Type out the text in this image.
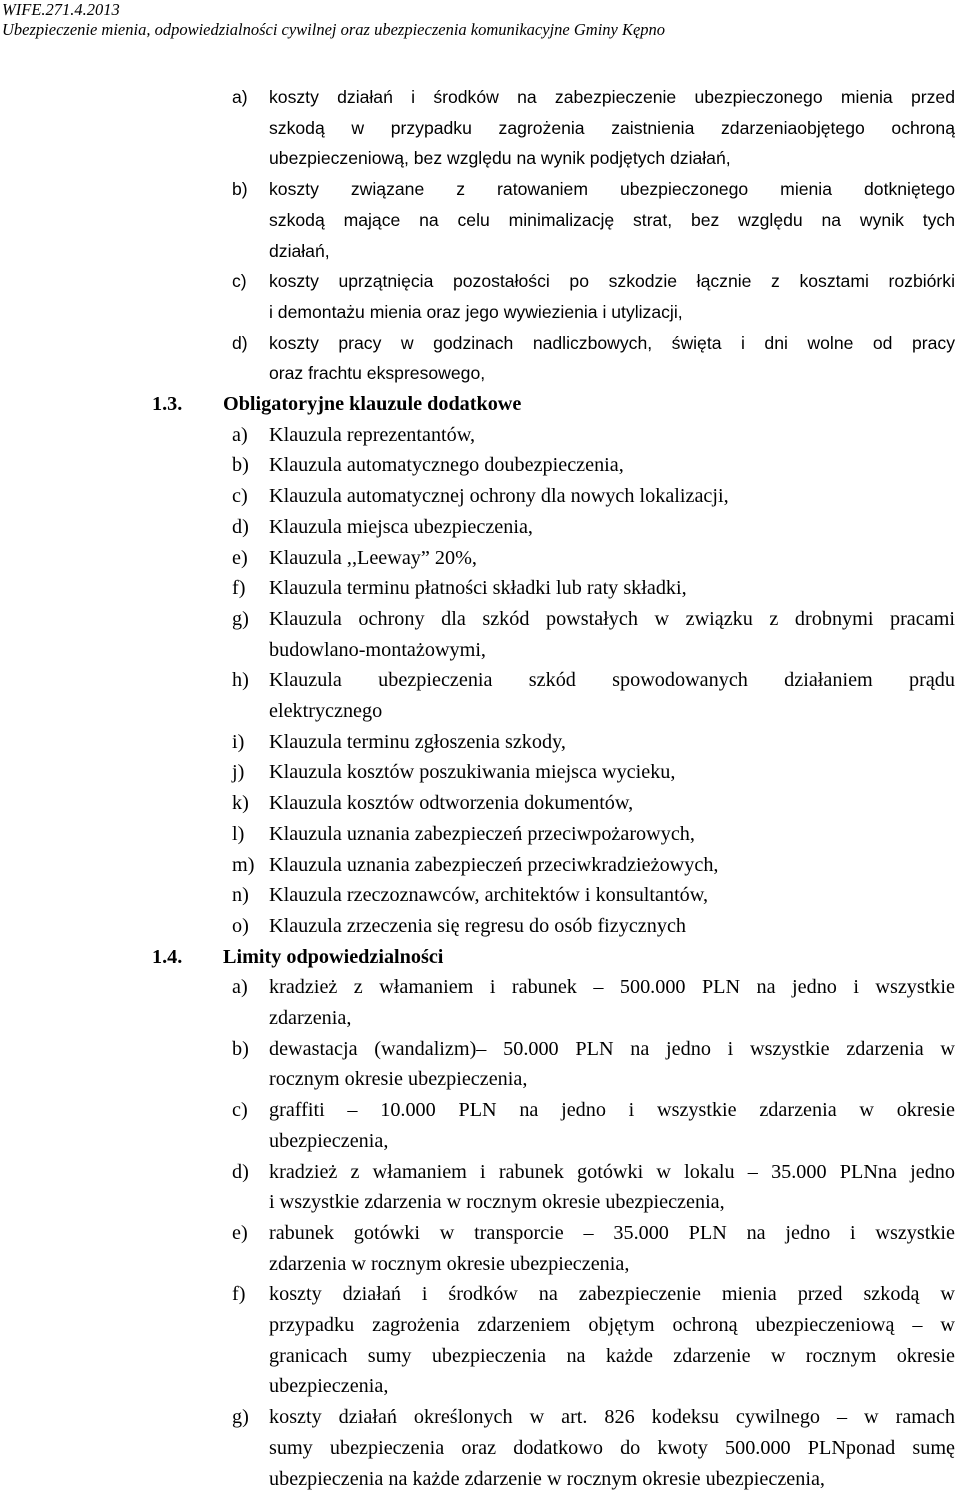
WIFE.271.4.2013
Ubezpieczenie mienia, odpowiedzialności cywilnej oraz ubezpieczenia komunikacyjne Gminy Kępno
a) koszty działań i środków na zabezpieczenie ubezpieczonego mienia przed
szkodą w przypadku zagrożenia zaistnienia zdarzeniaobjętego ochroną
ubezpieczeniową, bez względu na wynik podjętych działań,
b) koszty związane z ratowaniem ubezpieczonego mienia dotkniętego
szkodą mające na celu minimalizację strat, bez względu na wynik tych
działań,
c) koszty uprzątnięcia pozostałości po szkodzie łącznie z kosztami rozbiórki
i demontażu mienia oraz jego wywiezienia i utylizacji,
d) koszty pracy w godzinach nadliczbowych, święta i dni wolne od pracy
oraz frachtu ekspresowego,
1.3. Obligatoryjne klauzule dodatkowe
a) Klauzula reprezentantów,
b) Klauzula automatycznego doubezpieczenia,
c) Klauzula automatycznej ochrony dla nowych lokalizacji,
d) Klauzula miejsca ubezpieczenia,
e) Klauzula ,,Leeway” 20%,
f) Klauzula terminu płatności składki lub raty składki,
g) Klauzula ochrony dla szkód powstałych w związku z drobnymi pracami
budowlano-montażowymi,
h) Klauzula ubezpieczenia szkód spowodowanych działaniem prądu
elektrycznego
i) Klauzula terminu zgłoszenia szkody,
j) Klauzula kosztów poszukiwania miejsca wycieku,
k) Klauzula kosztów odtworzenia dokumentów,
l) Klauzula uznania zabezpieczeń przeciwpożarowych,
m) Klauzula uznania zabezpieczeń przeciwkradzieżowych,
n) Klauzula rzeczoznawców, architektów i konsultantów,
o) Klauzula zrzeczenia się regresu do osób fizycznych
1.4. Limity odpowiedzialności
a) kradzież z włamaniem i rabunek – 500.000 PLN na jedno i wszystkie
zdarzenia,
b) dewastacja (wandalizm)– 50.000 PLN na jedno i wszystkie zdarzenia w
rocznym okresie ubezpieczenia,
c) graffiti – 10.000 PLN na jedno i wszystkie zdarzenia w okresie
ubezpieczenia,
d) kradzież z włamaniem i rabunek gotówki w lokalu – 35.000 PLNna jedno
i wszystkie zdarzenia w rocznym okresie ubezpieczenia,
e) rabunek gotówki w transporcie – 35.000 PLN na jedno i wszystkie
zdarzenia w rocznym okresie ubezpieczenia,
f) koszty działań i środków na zabezpieczenie mienia przed szkodą w
przypadku zagrożenia zdarzeniem objętym ochroną ubezpieczeniową – w
granicach sumy ubezpieczenia na każde zdarzenie w rocznym okresie
ubezpieczenia,
g) koszty działań określonych w art. 826 kodeksu cywilnego – w ramach
sumy ubezpieczenia oraz dodatkowo do kwoty 500.000 PLNponad sumę
ubezpieczenia na każde zdarzenie w rocznym okresie ubezpieczenia,
